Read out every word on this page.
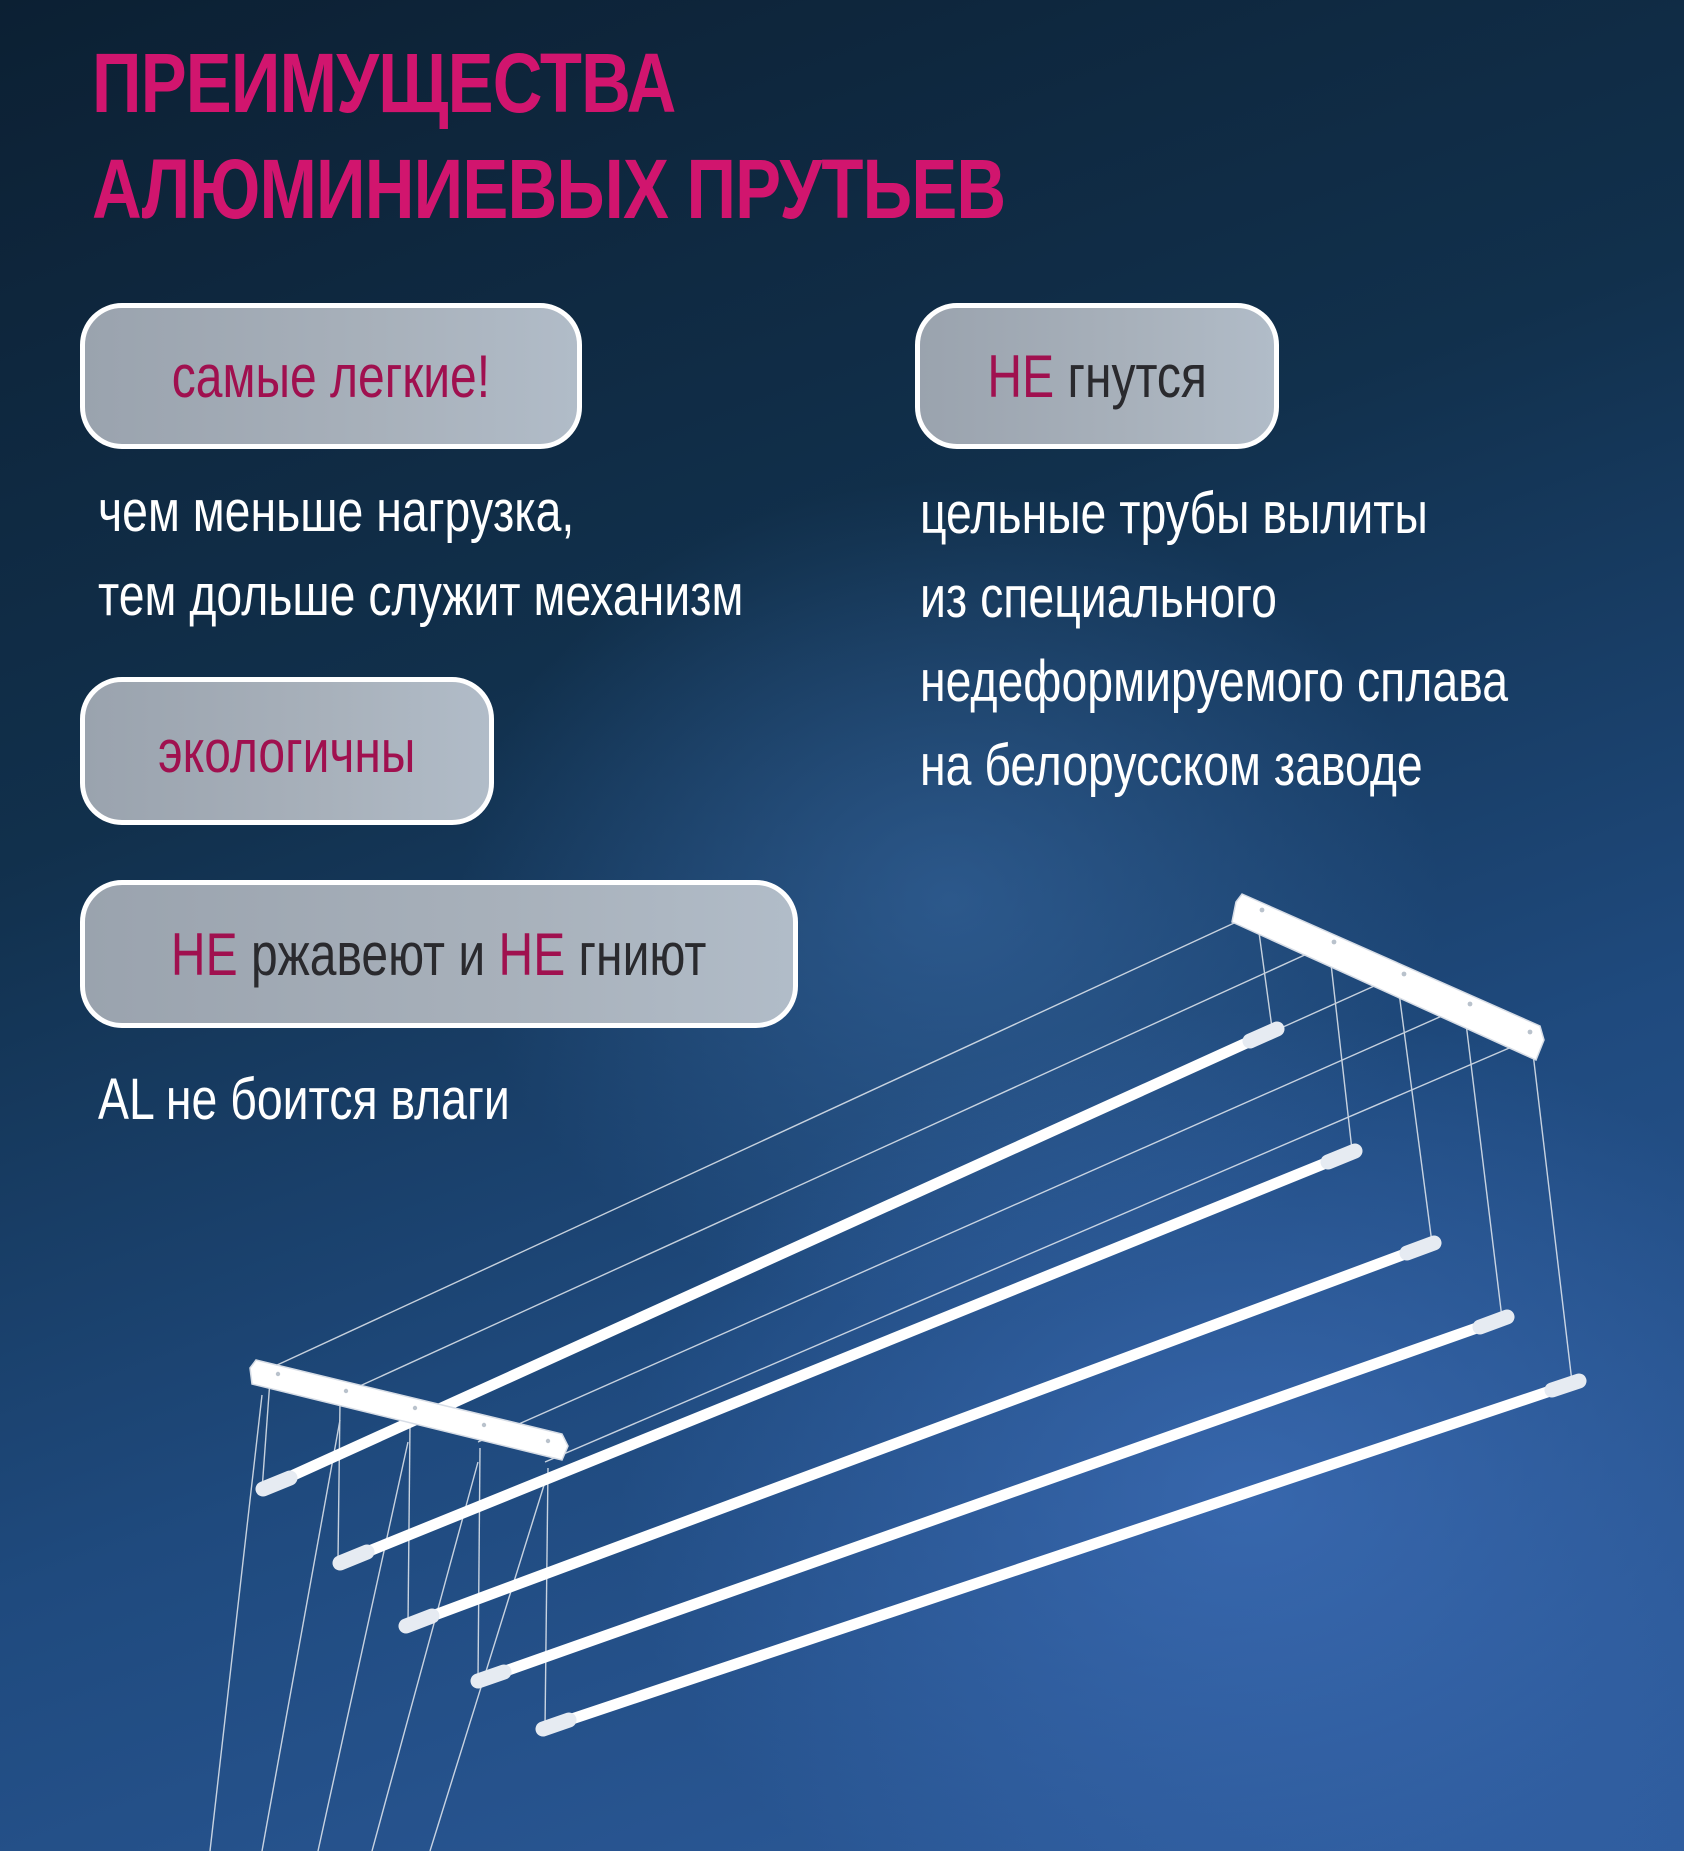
ПРЕИМУЩЕСТВА
АЛЮМИНИЕВЫХ ПРУТЬЕВ
самые легкие!
чем меньше нагрузка,
тем дольше служит механизм
НЕ гнутся
цельные трубы вылиты
из специального
недеформируемого сплава
на белорусском заводе
экологичны
НЕ ржавеют и НЕ гниют
AL не боится влаги
